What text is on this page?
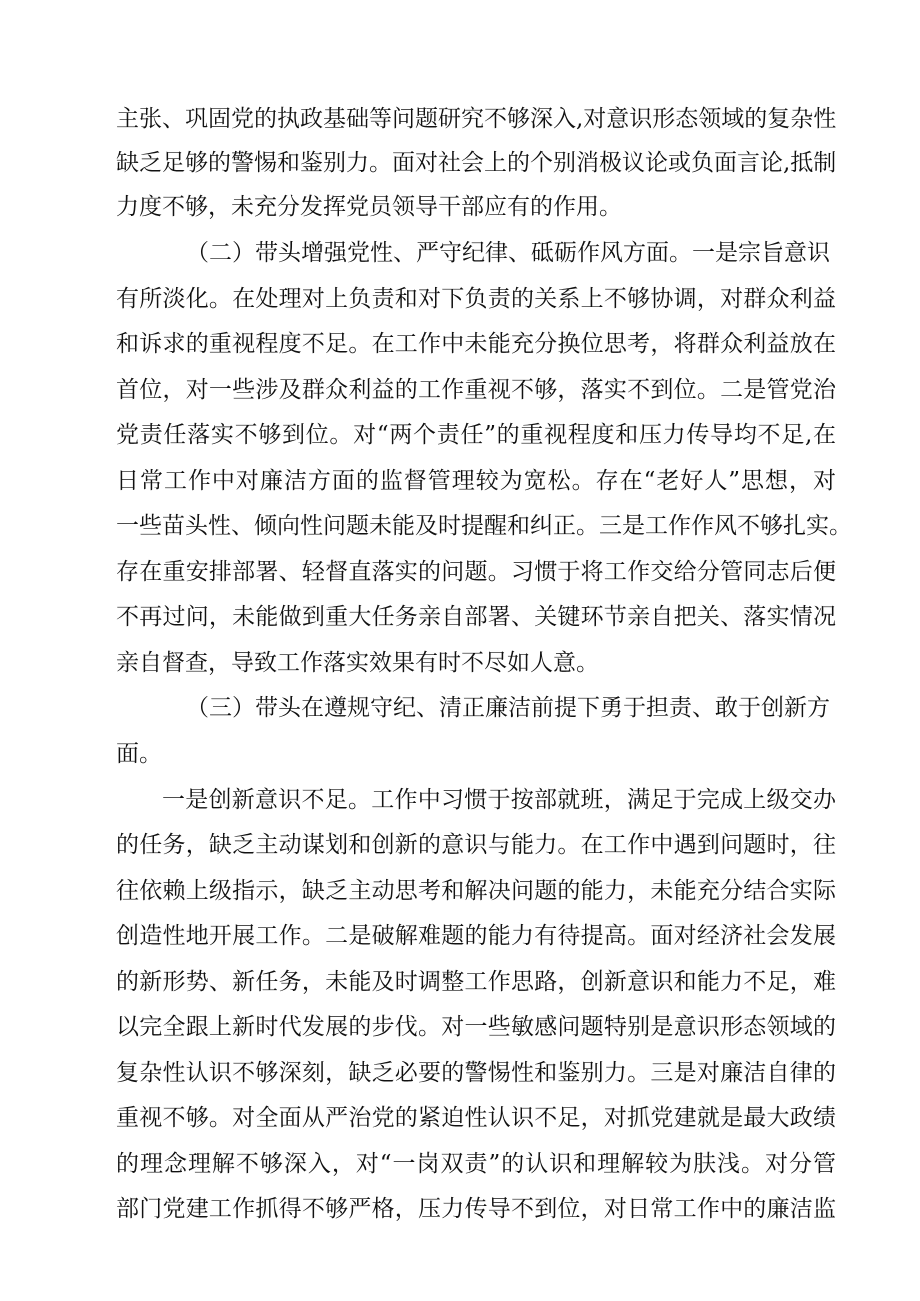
主张、巩固党的执政基础等问题研究不够深入,对意识形态领域的复杂性
缺乏足够的警惕和鉴别力。面对社会上的个别消极议论或负面言论,抵制
力度不够，未充分发挥党员领导干部应有的作用。
（二）带头增强党性、严守纪律、砥砺作风方面。一是宗旨意识
有所淡化。在处理对上负责和对下负责的关系上不够协调，对群众利益
和诉求的重视程度不足。在工作中未能充分换位思考，将群众利益放在
首位，对一些涉及群众利益的工作重视不够，落实不到位。二是管党治
党责任落实不够到位。对“两个责任”的重视程度和压力传导均不足,在
日常工作中对廉洁方面的监督管理较为宽松。存在“老好人”思想，对
一些苗头性、倾向性问题未能及时提醒和纠正。三是工作作风不够扎实。
存在重安排部署、轻督直落实的问题。习惯于将工作交给分管同志后便
不再过问，未能做到重大任务亲自部署、关键环节亲自把关、落实情况
亲自督查，导致工作落实效果有时不尽如人意。
（三）带头在遵规守纪、清正廉洁前提下勇于担责、敢于创新方
面。
一是创新意识不足。工作中习惯于按部就班，满足于完成上级交办
的任务，缺乏主动谋划和创新的意识与能力。在工作中遇到问题时，往
往依赖上级指示，缺乏主动思考和解决问题的能力，未能充分结合实际
创造性地开展工作。二是破解难题的能力有待提高。面对经济社会发展
的新形势、新任务，未能及时调整工作思路，创新意识和能力不足，难
以完全跟上新时代发展的步伐。对一些敏感问题特别是意识形态领域的
复杂性认识不够深刻，缺乏必要的警惕性和鉴别力。三是对廉洁自律的
重视不够。对全面从严治党的紧迫性认识不足，对抓党建就是最大政绩
的理念理解不够深入，对“一岗双责”的认识和理解较为肤浅。对分管
部门党建工作抓得不够严格，压力传导不到位，对日常工作中的廉洁监
